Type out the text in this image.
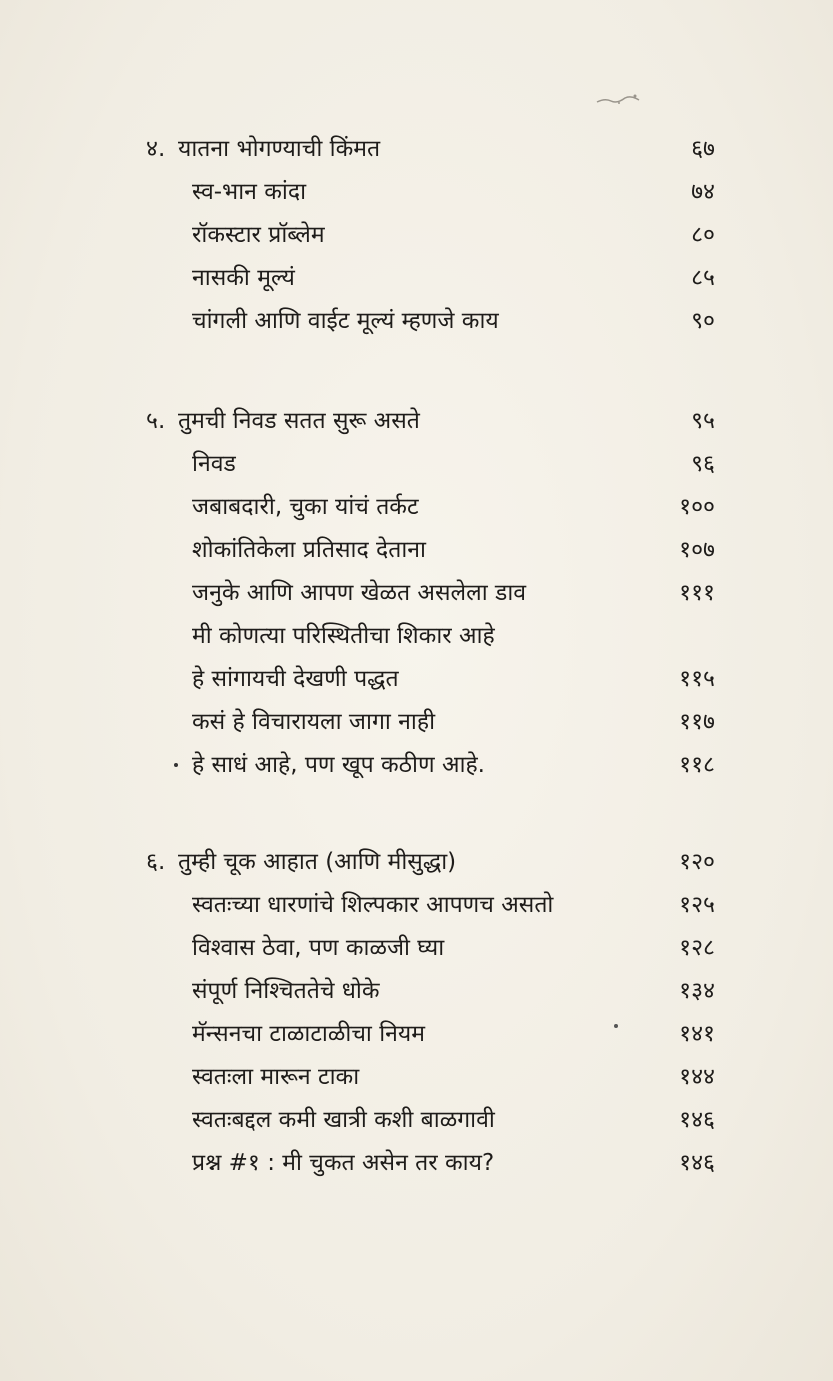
४. यातना भोगण्याची किंमत	६७
स्व-भान कांदा	७४
रॉकस्टार प्रॉब्लेम	८०
नासकी मूल्यं	८५
चांगली आणि वाईट मूल्यं म्हणजे काय	९०
५. तुमची निवड सतत सुरू असते	९५
निवड	९६
जबाबदारी, चुका यांचं तर्कट	१००
शोकांतिकेला प्रतिसाद देताना	१०७
जनुके आणि आपण खेळत असलेला डाव	१११
मी कोणत्या परिस्थितीचा शिकार आहे
हे सांगायची देखणी पद्धत	११५
कसं हे विचारायला जागा नाही	११७
हे साधं आहे, पण खूप कठीण आहे.	११८
६. तुम्ही चूक आहात (आणि मीसुद्धा)	१२०
स्वतःच्या धारणांचे शिल्पकार आपणच असतो	१२५
विश्वास ठेवा, पण काळजी घ्या	१२८
संपूर्ण निश्चिततेचे धोके	१३४
मॅन्सनचा टाळाटाळीचा नियम	१४१
स्वतःला मारून टाका	१४४
स्वतःबद्दल कमी खात्री कशी बाळगावी	१४६
प्रश्न #१ : मी चुकत असेन तर काय?	१४६
